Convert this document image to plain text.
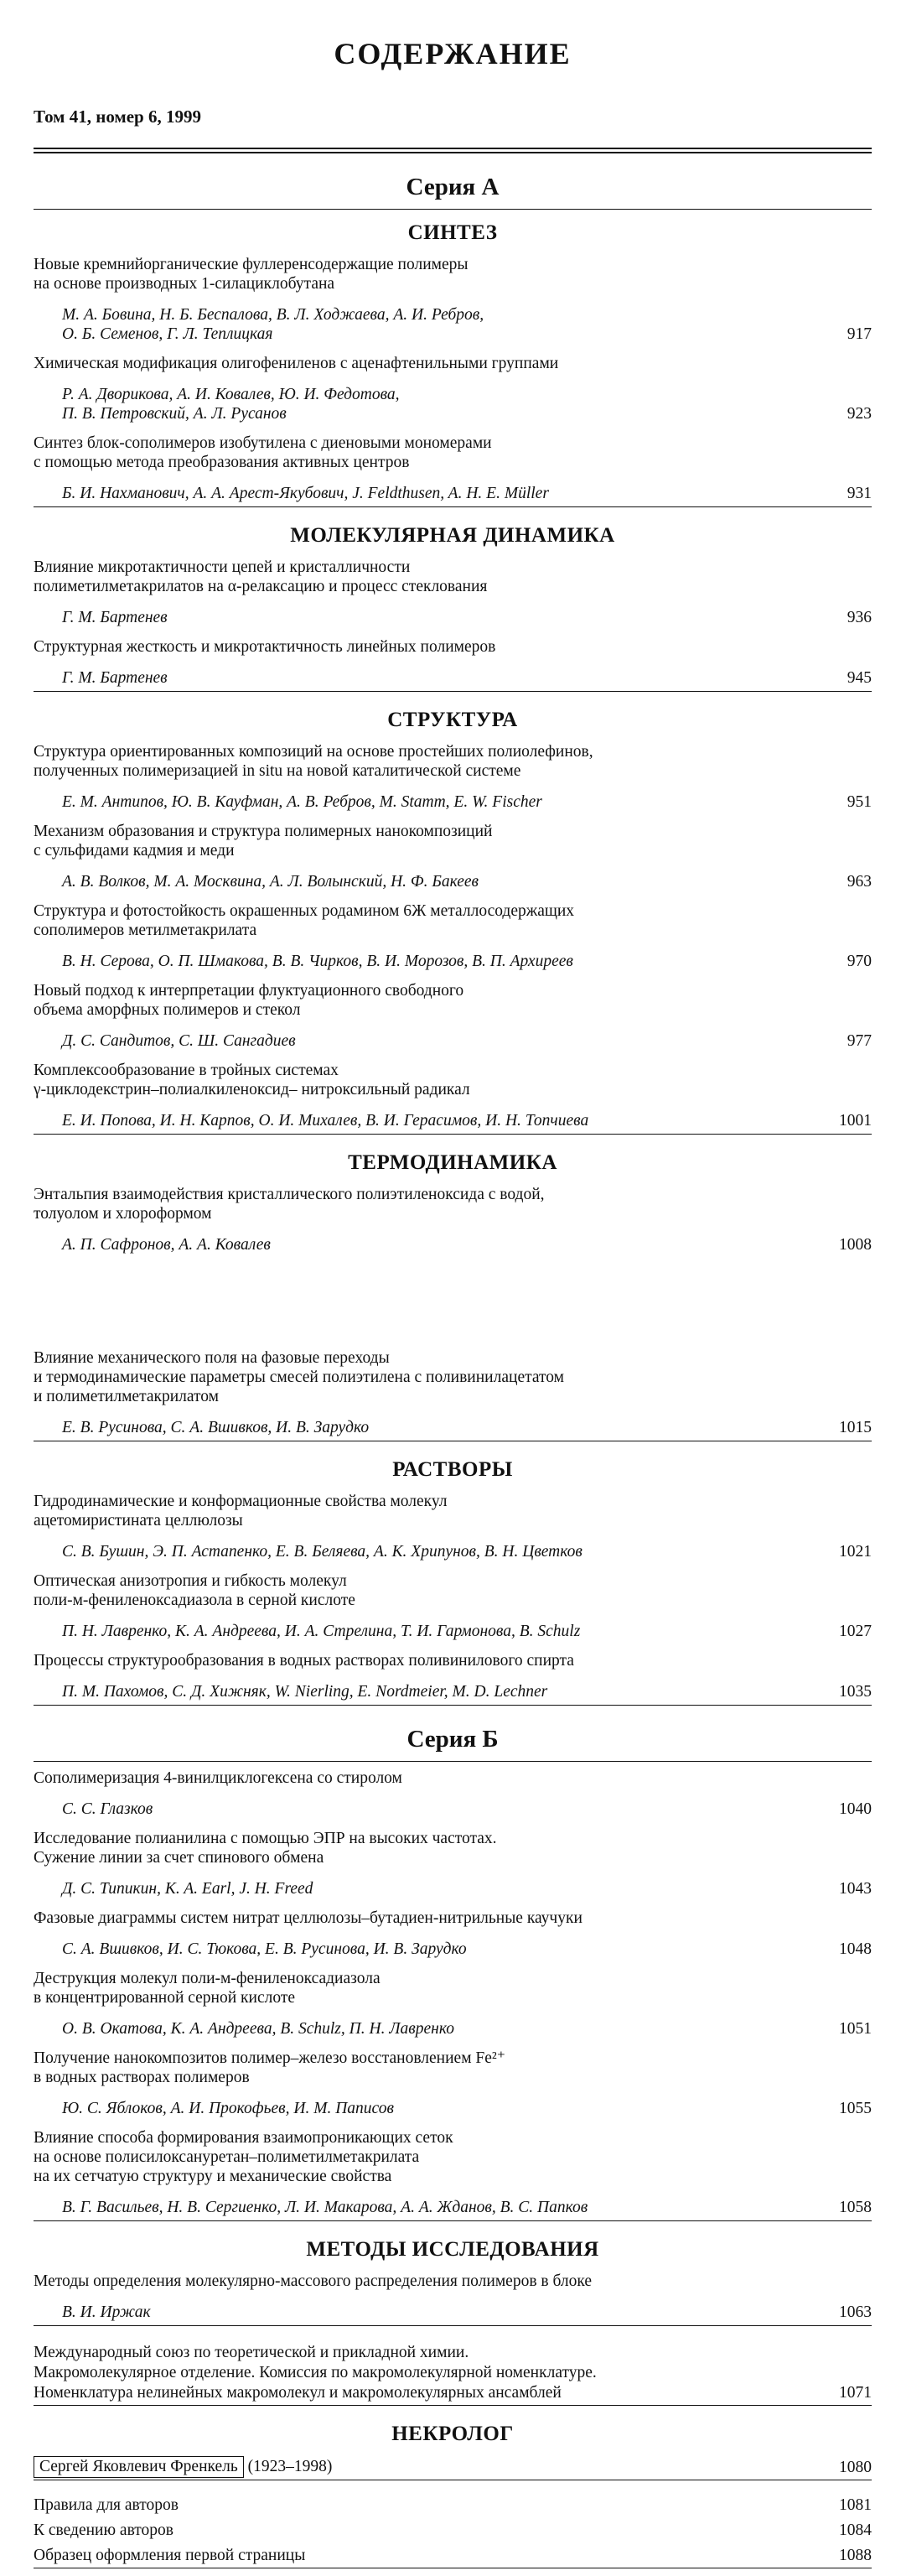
СОДЕРЖАНИЕ
Том 41, номер 6, 1999
Серия А
СИНТЕЗ
Новые кремнийорганические фуллеренсодержащие полимеры
на основе производных 1-силациклобутана
М. А. Бовина, Н. Б. Беспалова, В. Л. Ходжаева, А. И. Ребров,
О. Б. Семенов, Г. Л. Теплицкая	917
Химическая модификация олигофениленов с аценафтенильными группами
Р. А. Дворикова, А. И. Ковалев, Ю. И. Федотова,
П. В. Петровский, А. Л. Русанов	923
Синтез блок-сополимеров изобутилена с диеновыми мономерами
с помощью метода преобразования активных центров
Б. И. Нахманович, А. А. Арест-Якубович, J. Feldthusen, A. H. E. Müller	931
МОЛЕКУЛЯРНАЯ ДИНАМИКА
Влияние микротактичности цепей и кристалличности
полиметилметакрилатов на α-релаксацию и процесс стеклования
Г. М. Бартенев	936
Структурная жесткость и микротактичность линейных полимеров
Г. М. Бартенев	945
СТРУКТУРА
Структура ориентированных композиций на основе простейших полиолефинов,
полученных полимеризацией in situ на новой каталитической системе
Е. М. Антипов, Ю. В. Кауфман, А. В. Ребров, M. Stamm, E. W. Fischer	951
Механизм образования и структура полимерных нанокомпозиций
с сульфидами кадмия и меди
А. В. Волков, М. А. Москвина, А. Л. Волынский, Н. Ф. Бакеев	963
Структура и фотостойкость окрашенных родамином 6Ж металлосодержащих
сополимеров метилметакрилата
В. Н. Серова, О. П. Шмакова, В. В. Чирков, В. И. Морозов, В. П. Архиреев	970
Новый подход к интерпретации флуктуационного свободного
объема аморфных полимеров и стекол
Д. С. Сандитов, С. Ш. Сангадиев	977
Комплексообразование в тройных системах
γ-циклодекстрин–полиалкиленоксид– нитроксильный радикал
Е. И. Попова, И. Н. Карпов, О. И. Михалев, В. И. Герасимов, И. Н. Топчиева	1001
ТЕРМОДИНАМИКА
Энтальпия взаимодействия кристаллического полиэтиленоксида с водой,
толуолом и хлороформом
А. П. Сафронов, А. А. Ковалев	1008
Влияние механического поля на фазовые переходы
и термодинамические параметры смесей полиэтилена с поливинилацетатом
и полиметилметакрилатом
Е. В. Русинова, С. А. Вшивков, И. В. Зарудко	1015
РАСТВОРЫ
Гидродинамические и конформационные свойства молекул
ацетомиристината целлюлозы
С. В. Бушин, Э. П. Астапенко, Е. В. Беляева, А. К. Хрипунов, В. Н. Цветков	1021
Оптическая анизотропия и гибкость молекул
поли-м-фениленоксадиазола в серной кислоте
П. Н. Лавренко, К. А. Андреева, И. А. Стрелина, Т. И. Гармонова, B. Schulz	1027
Процессы структурообразования в водных растворах поливинилового спирта
П. М. Пахомов, С. Д. Хижняк, W. Nierling, E. Nordmeier, M. D. Lechner	1035
Серия Б
Сополимеризация 4-винилциклогексена со стиролом
С. С. Глазков	1040
Исследование полианилина с помощью ЭПР на высоких частотах.
Сужение линии за счет спинового обмена
Д. С. Типикин, K. A. Earl, J. H. Freed	1043
Фазовые диаграммы систем нитрат целлюлозы–бутадиен-нитрильные каучуки
С. А. Вшивков, И. С. Тюкова, Е. В. Русинова, И. В. Зарудко	1048
Деструкция молекул поли-м-фениленоксадиазола
в концентрированной серной кислоте
О. В. Окатова, К. А. Андреева, B. Schulz, П. Н. Лавренко	1051
Получение нанокомпозитов полимер–железо восстановлением Fe²⁺
в водных растворах полимеров
Ю. С. Яблоков, А. И. Прокофьев, И. М. Паписов	1055
Влияние способа формирования взаимопроникающих сеток
на основе полисилоксануретан–полиметилметакрилата
на их сетчатую структуру и механические свойства
В. Г. Васильев, Н. В. Сергиенко, Л. И. Макарова, А. А. Жданов, В. С. Папков	1058
МЕТОДЫ ИССЛЕДОВАНИЯ
Методы определения молекулярно-массового распределения полимеров в блоке
В. И. Иржак	1063
Международный союз по теоретической и прикладной химии.
Макромолекулярное отделение. Комиссия по макромолекулярной номенклатуре.
Номенклатура нелинейных макромолекул и макромолекулярных ансамблей	1071
НЕКРОЛОГ
Сергей Яковлевич Френкель (1923–1998)	1080
Правила для авторов	1081
К сведению авторов	1084
Образец оформления первой страницы	1088
